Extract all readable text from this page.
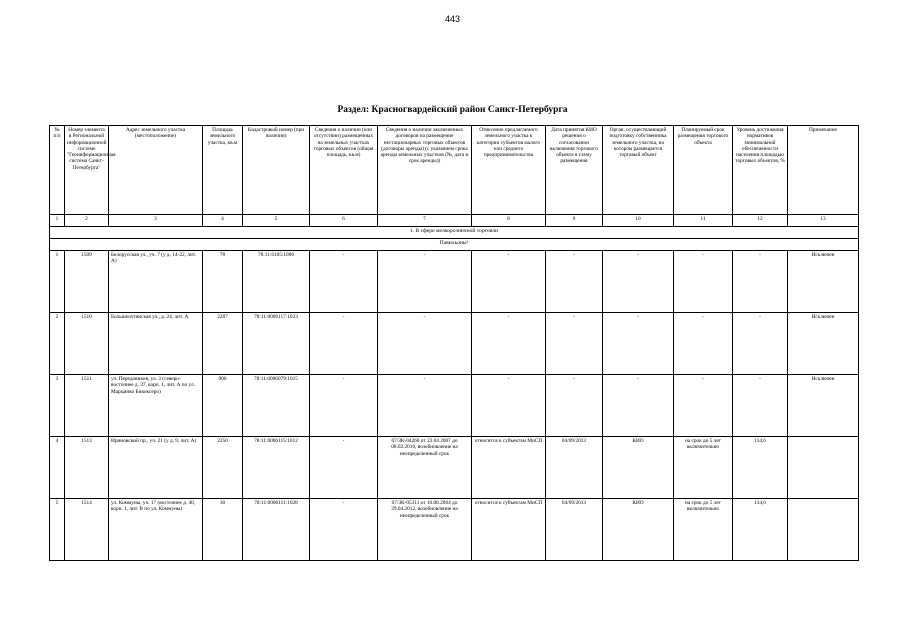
443
Раздел: Красногвардейский район Санкт-Петербурга
№ п/п	Номер элемента в Региональной информационной системе "Геоинформационная система Санкт-Петербурга"	Адрес земельного участка (местоположение)	Площадь земельного участка, кв.м	Кадастровый номер (при наличии)	Сведения о наличии (или отсутствии) размещенных на земельных участках торговых объектов (общая площадь, кв.м)	Сведения о наличии заключенных договоров на размещение нестационарных торговых объектов (договоры аренды) (с указанием срока аренды земельных участков (№, дата и срок аренды))	Отнесение предлагаемого земельного участка к категории субъектов малого или среднего предпринимательства	Дата принятия КИО решения о согласовании включения торгового объекта в схему размещения	Орган, осуществляющий подготовку собственника земельного участка, на котором размещается торговый объект	Планируемый срок размещения торгового объекта	Уровень достижения нормативов минимальной обеспеченности населения площадью торговых объектов, %	Примечание
1	2	3	4	5	6	7	8	9	10	11	12	13
1. В сфере мелкорозничной торговли												
Павильоны¹												
1	1509	Белорусская ул., уч. 7 (у д. 14-22, лит. А)	78	78:11:6105:1006	-	-	-	-	-	-	-	Исключен
2	1510	Большеохтинская ул., д. 24, лит. А	2287	78:11:0006117:1023	-	-	-	-	-	-	-	Исключен
3	1511	ул. Передовиков, ул. 3 (северо-восточнее д. 37, корп. 1, лит. А по ул. Марцинко Бивоксеро)	900	78:11:0006079:1015	-	-	-	-	-	-	-	Исключен
4	1513	Ириновский пр., уч. 21 (у д. 9, лит. А)	2250	78:11:0006115:1012	-	07/ЗК-04260 от 23.04.2007 до 08.02.2010, возобновление на неопределенный срок	относится к субъектам МиСП	04/09/2013	КИО	на срок до 5 лет включительно	134,6	
5	1514	ул. Коммуны, уч. 17 (восточнее д. 40, корп. 1, лит. В по ул. Коммуны)	30	78:11:0006111:1028	-	07/ЗК-05311 от 10.08.2004 до 29.04.2012, возобновление на неопределенный срок	относится к субъектам МиСП	04/09/2013	КИО	на срок до 5 лет включительно	134,6	
